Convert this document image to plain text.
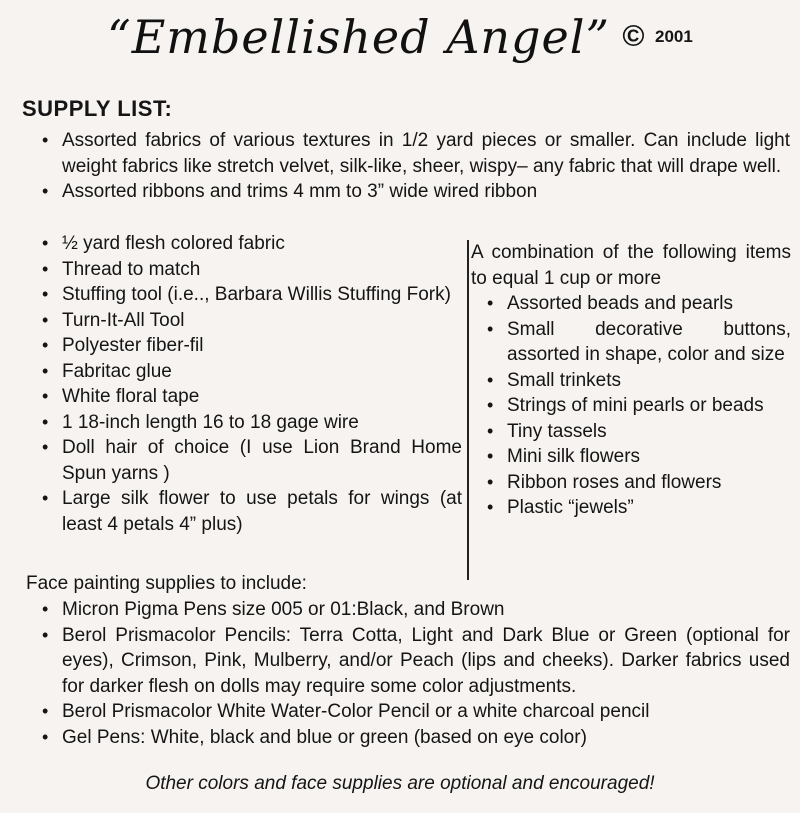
“Embellished Angel” © 2001
SUPPLY LIST:
• Assorted fabrics of various textures in 1/2 yard pieces or smaller. Can include light weight fabrics like stretch velvet, silk-like, sheer, wispy– any fabric that will drape well.
• Assorted ribbons and trims 4 mm to 3” wide wired ribbon
• ½ yard flesh colored fabric
• Thread to match
• Stuffing tool (i.e.., Barbara Willis Stuffing Fork)
• Turn-It-All Tool
• Polyester fiber-fil
• Fabritac glue
• White floral tape
• 1 18-inch length 16 to 18 gage wire
• Doll hair of choice (I use Lion Brand Home Spun yarns )
• Large silk flower to use petals for wings (at least 4 petals 4” plus)
A combination of the following items to equal 1 cup or more
• Assorted beads and pearls
• Small decorative buttons, assorted in shape, color and size
• Small trinkets
• Strings of mini pearls or beads
• Tiny tassels
• Mini silk flowers
• Ribbon roses and flowers
• Plastic “jewels”
Face painting supplies to include:
• Micron Pigma Pens size 005 or 01:Black, and Brown
• Berol Prismacolor Pencils: Terra Cotta, Light and Dark Blue or Green (optional for eyes), Crimson, Pink, Mulberry, and/or Peach (lips and cheeks). Darker fabrics used for darker flesh on dolls may require some color adjustments.
• Berol Prismacolor White Water-Color Pencil or a white charcoal pencil
• Gel Pens: White, black and blue or green (based on eye color)
Other colors and face supplies are optional and encouraged!
